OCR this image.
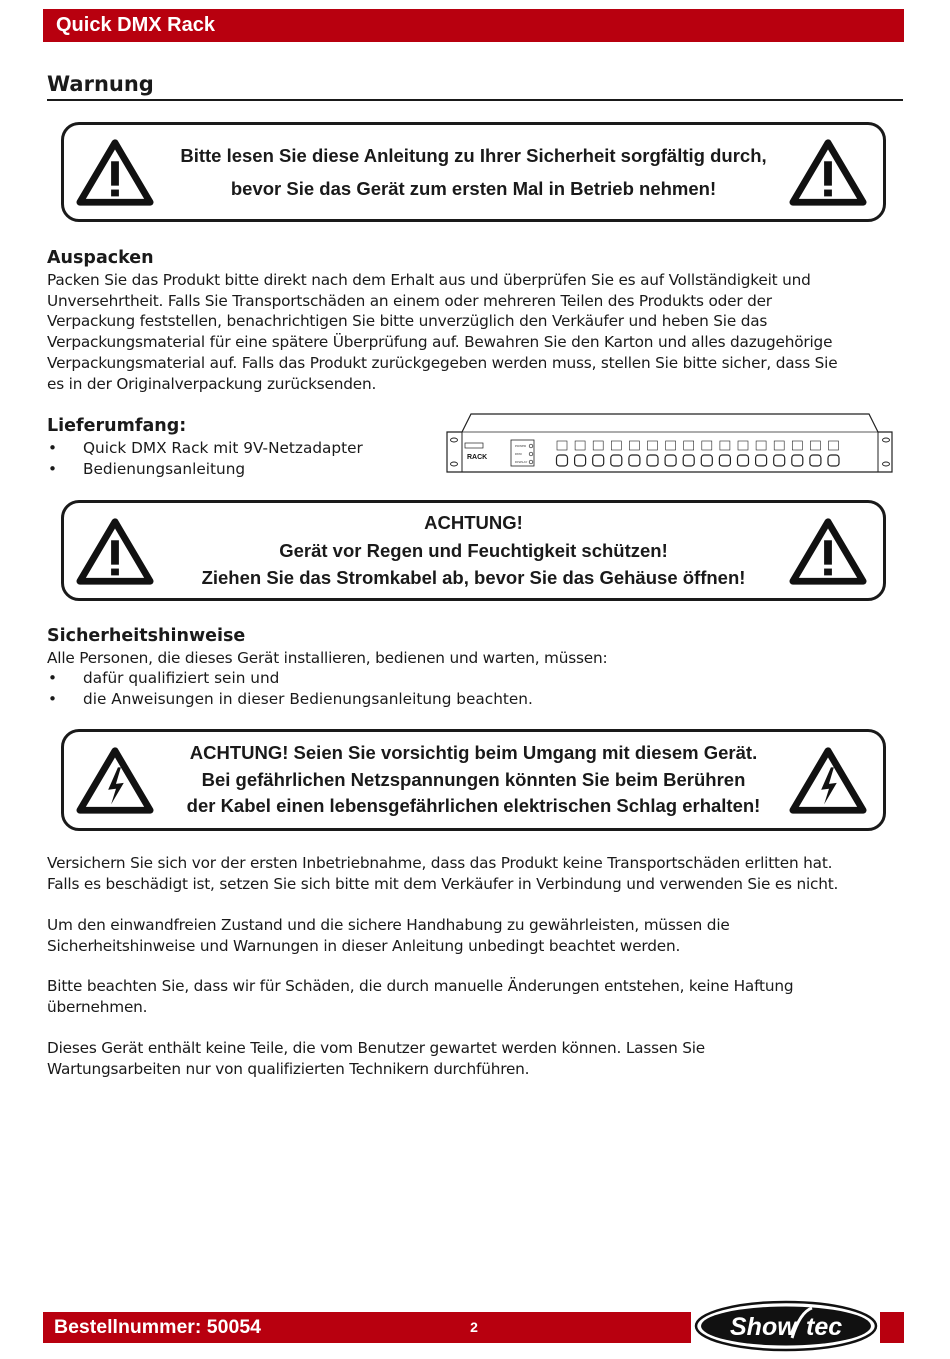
Quick DMX Rack
Warnung
Bitte lesen Sie diese Anleitung zu Ihrer Sicherheit sorgfältig durch,
bevor Sie das Gerät zum ersten Mal in Betrieb nehmen!
Auspacken
Packen Sie das Produkt bitte direkt nach dem Erhalt aus und überprüfen Sie es auf Vollständigkeit und
Unversehrtheit. Falls Sie Transportschäden an einem oder mehreren Teilen des Produkts oder der
Verpackung feststellen, benachrichtigen Sie bitte unverzüglich den Verkäufer und heben Sie das
Verpackungsmaterial für eine spätere Überprüfung auf. Bewahren Sie den Karton und alles dazugehörige
Verpackungsmaterial auf. Falls das Produkt zurückgegeben werden muss, stellen Sie bitte sicher, dass Sie
es in der Originalverpackung zurücksenden.
Lieferumfang:
• Quick DMX Rack mit 9V-Netzadapter
• Bedienungsanleitung
RACK
POWER
DMX
DISPLAY
ACHTUNG!
Gerät vor Regen und Feuchtigkeit schützen!
Ziehen Sie das Stromkabel ab, bevor Sie das Gehäuse öffnen!
Sicherheitshinweise
Alle Personen, die dieses Gerät installieren, bedienen und warten, müssen:
• dafür qualifiziert sein und
• die Anweisungen in dieser Bedienungsanleitung beachten.
ACHTUNG! Seien Sie vorsichtig beim Umgang mit diesem Gerät.
Bei gefährlichen Netzspannungen könnten Sie beim Berühren
der Kabel einen lebensgefährlichen elektrischen Schlag erhalten!
Versichern Sie sich vor der ersten Inbetriebnahme, dass das Produkt keine Transportschäden erlitten hat.
Falls es beschädigt ist, setzen Sie sich bitte mit dem Verkäufer in Verbindung und verwenden Sie es nicht.
Um den einwandfreien Zustand und die sichere Handhabung zu gewährleisten, müssen die
Sicherheitshinweise und Warnungen in dieser Anleitung unbedingt beachtet werden.
Bitte beachten Sie, dass wir für Schäden, die durch manuelle Änderungen entstehen, keine Haftung
übernehmen.
Dieses Gerät enthält keine Teile, die vom Benutzer gewartet werden können. Lassen Sie
Wartungsarbeiten nur von qualifizierten Technikern durchführen.
Bestellnummer: 50054	2	Show tec
